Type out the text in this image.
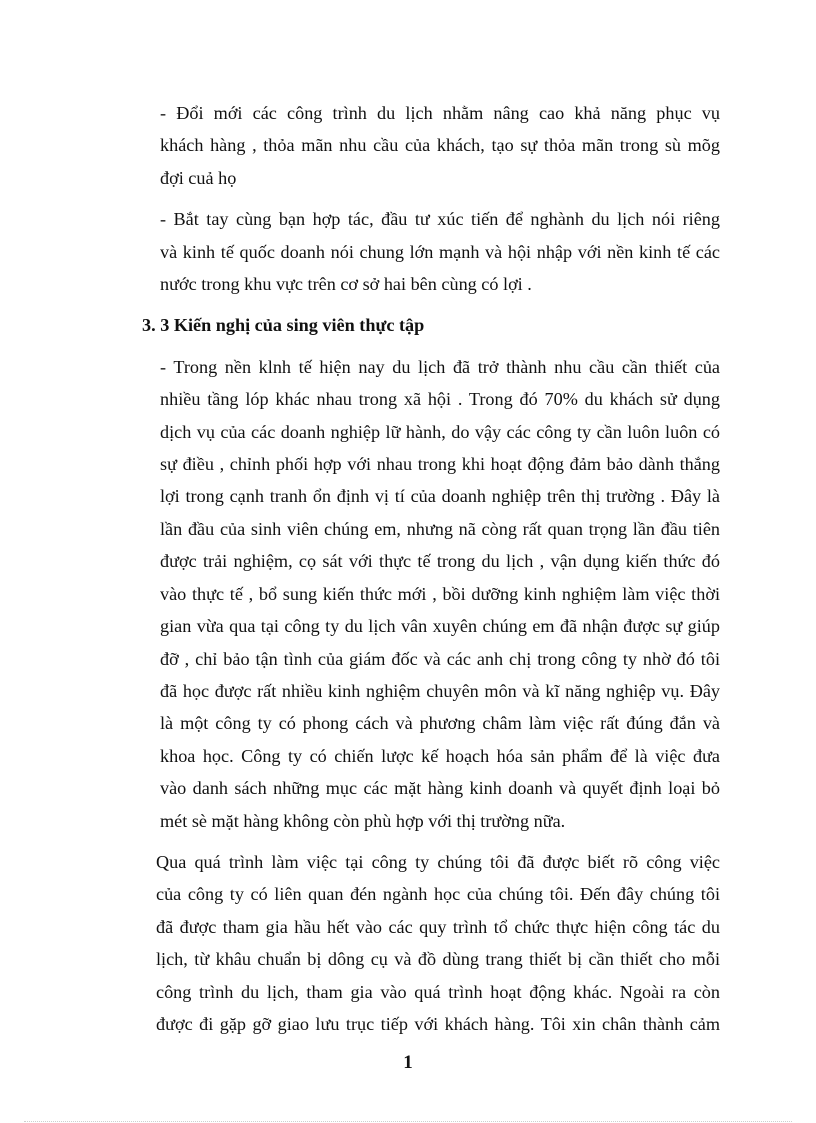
- Đổi mới các công trình du lịch nhằm nâng cao khả năng phục vụ
khách hàng , thỏa mãn nhu cầu của khách, tạo sự thỏa mãn trong sù mõg
đợi cuả họ

- Bắt tay cùng bạn hợp tác, đầu tư xúc tiến để nghành du lịch nói riêng
và kinh tế quốc doanh nói chung lớn mạnh và hội nhập với nền kinh tế các
nước trong khu vực trên cơ sở hai bên cùng có lợi .

3. 3 Kiến nghị của sing viên thực tập

- Trong nền klnh tế hiện nay du lịch đã trở thành nhu cầu cần thiết của
nhiều tầng lóp khác nhau trong xã hội . Trong đó 70% du khách sử dụng
dịch vụ của các doanh nghiệp lữ hành, do vậy các công ty cần luôn luôn có
sự điều , chỉnh phối hợp với nhau trong khi hoạt động đảm bảo dành thắng
lợi trong cạnh tranh ổn định vị tí của doanh nghiệp trên thị trường . Đây là
lần đầu của sinh viên chúng em, nhưng nã còng rất quan trọng lần đầu tiên
được trải nghiệm, cọ sát với thực tế trong du lịch , vận dụng kiến thức đó
vào thực tế , bổ sung kiến thức mới , bồi dưỡng kinh nghiệm làm việc thời
gian vừa qua tại công ty du lịch vân xuyên chúng em đã nhận được sự giúp
đỡ , chỉ bảo tận tình của giám đốc và các anh chị trong công ty nhờ đó tôi
đã học được rất nhiều kinh nghiệm chuyên môn và kĩ năng nghiệp vụ. Đây
là một công ty có phong cách và phương châm làm việc rất đúng đắn và
khoa học. Công ty có chiến lược kế hoạch hóa sản phẩm để là việc đưa
vào danh sách những mục các mặt hàng kinh doanh và quyết định loại bỏ
mét sè mặt hàng không còn phù hợp với thị trường nữa.

Qua quá trình làm việc tại công ty chúng tôi đã được biết rõ công việc
của công ty có liên quan đén ngành học của chúng tôi. Đến đây chúng tôi
đã được tham gia hầu hết vào các quy trình tổ chức thực hiện công tác du
lịch, từ khâu chuẩn bị dông cụ và đồ dùng trang thiết bị cần thiết cho mỗi
công trình du lịch, tham gia vào quá trình hoạt động khác. Ngoài ra còn
được đi gặp gỡ giao lưu trục tiếp với khách hàng. Tôi xin chân thành cảm

1
